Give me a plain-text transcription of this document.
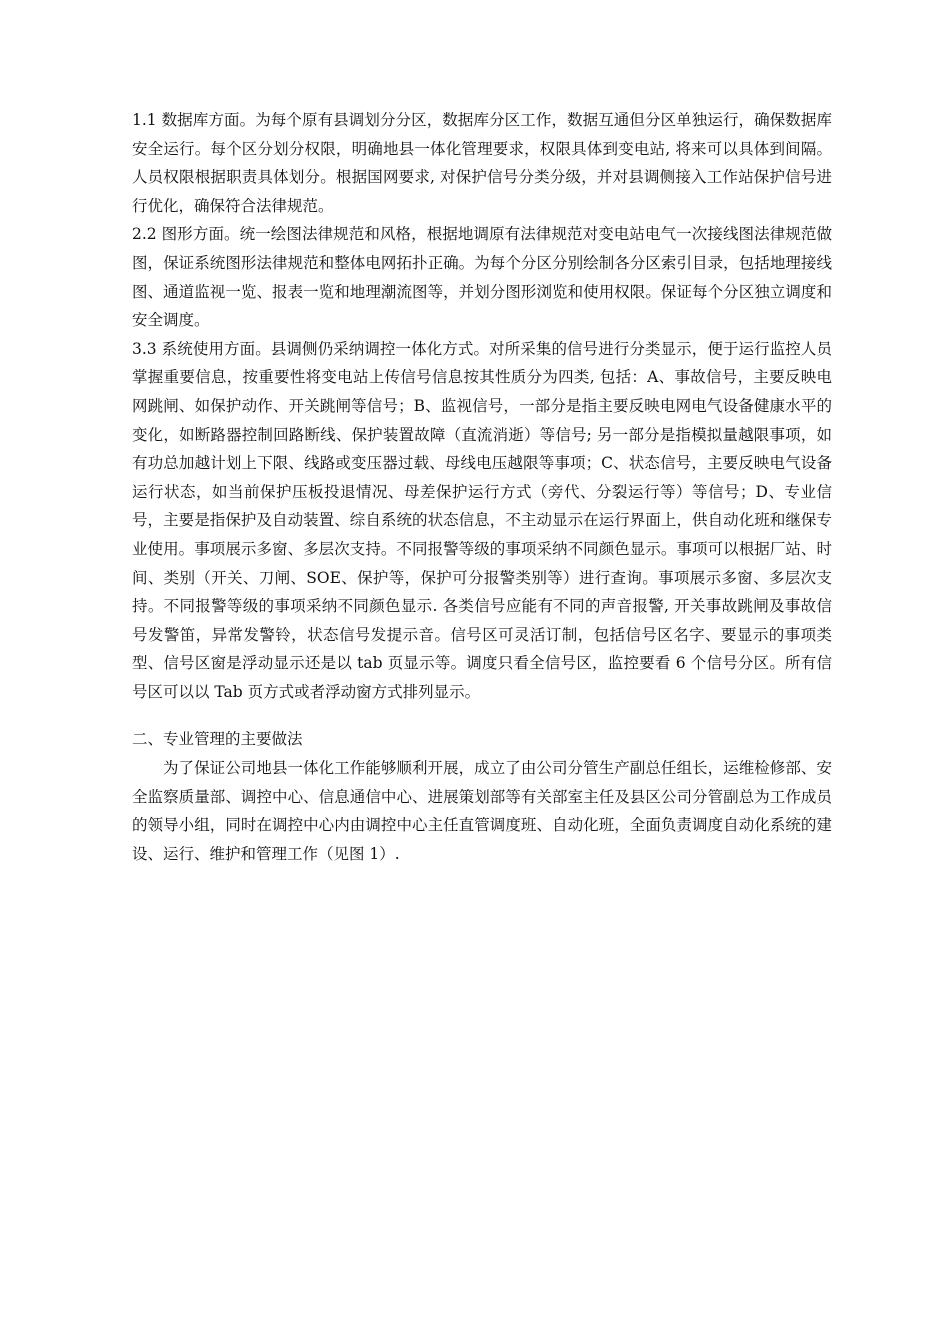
1.1 数据库方面。为每个原有县调划分分区，数据库分区工作，数据互通但分区单独运行，确保数据库安全运行。每个区分划分权限，明确地县一体化管理要求，权限具体到变电站, 将来可以具体到间隔。人员权限根据职责具体划分。根据国网要求, 对保护信号分类分级，并对县调侧接入工作站保护信号进行优化，确保符合法律规范。

2.2 图形方面。统一绘图法律规范和风格，根据地调原有法律规范对变电站电气一次接线图法律规范做图，保证系统图形法律规范和整体电网拓扑正确。为每个分区分别绘制各分区索引目录，包括地理接线图、通道监视一览、报表一览和地理潮流图等，并划分图形浏览和使用权限。保证每个分区独立调度和安全调度。

3.3 系统使用方面。县调侧仍采纳调控一体化方式。对所采集的信号进行分类显示，便于运行监控人员掌握重要信息，按重要性将变电站上传信号信息按其性质分为四类, 包括：A、事故信号，主要反映电网跳闸、如保护动作、开关跳闸等信号；B、监视信号，一部分是指主要反映电网电气设备健康水平的变化，如断路器控制回路断线、保护装置故障（直流消逝）等信号; 另一部分是指模拟量越限事项，如有功总加越计划上下限、线路或变压器过载、母线电压越限等事项；C、状态信号，主要反映电气设备运行状态，如当前保护压板投退情况、母差保护运行方式（旁代、分裂运行等）等信号；D、专业信号，主要是指保护及自动装置、综自系统的状态信息，不主动显示在运行界面上，供自动化班和继保专业使用。事项展示多窗、多层次支持。不同报警等级的事项采纳不同颜色显示。事项可以根据厂站、时间、类别（开关、刀闸、SOE、保护等，保护可分报警类别等）进行查询。事项展示多窗、多层次支持。不同报警等级的事项采纳不同颜色显示. 各类信号应能有不同的声音报警, 开关事故跳闸及事故信号发警笛，异常发警铃，状态信号发提示音。信号区可灵活订制，包括信号区名字、要显示的事项类型、信号区窗是浮动显示还是以 tab 页显示等。调度只看全信号区，监控要看 6 个信号分区。所有信号区可以以 Tab 页方式或者浮动窗方式排列显示。

二、专业管理的主要做法

为了保证公司地县一体化工作能够顺利开展，成立了由公司分管生产副总任组长，运维检修部、安全监察质量部、调控中心、信息通信中心、进展策划部等有关部室主任及县区公司分管副总为工作成员的领导小组，同时在调控中心内由调控中心主任直管调度班、自动化班，全面负责调度自动化系统的建设、运行、维护和管理工作（见图 1）.
